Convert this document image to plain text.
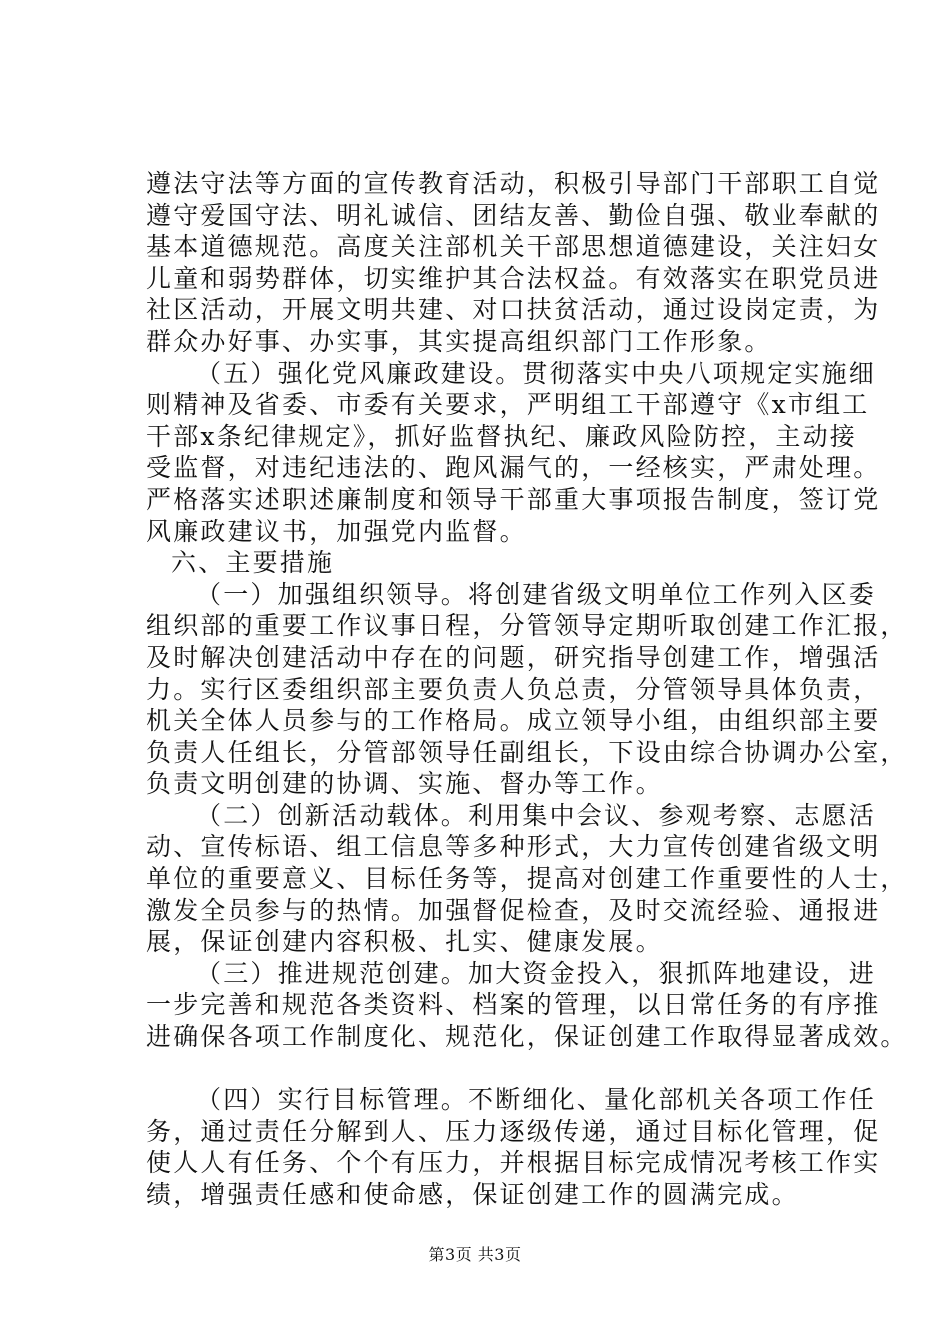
遵法守法等方面的宣传教育活动，积极引导部门干部职工自觉
遵守爱国守法、明礼诚信、团结友善、勤俭自强、敬业奉献的
基本道德规范。高度关注部机关干部思想道德建设，关注妇女
儿童和弱势群体，切实维护其合法权益。有效落实在职党员进
社区活动，开展文明共建、对口扶贫活动，通过设岗定责，为
群众办好事、办实事，其实提高组织部门工作形象。
（五）强化党风廉政建设。贯彻落实中央八项规定实施细
则精神及省委、市委有关要求，严明组工干部遵守《x市组工
干部x条纪律规定》，抓好监督执纪、廉政风险防控，主动接
受监督，对违纪违法的、跑风漏气的，一经核实，严肃处理。
严格落实述职述廉制度和领导干部重大事项报告制度，签订党
风廉政建议书，加强党内监督。
六、主要措施
（一）加强组织领导。将创建省级文明单位工作列入区委
组织部的重要工作议事日程，分管领导定期听取创建工作汇报，
及时解决创建活动中存在的问题，研究指导创建工作，增强活
力。实行区委组织部主要负责人负总责，分管领导具体负责，
机关全体人员参与的工作格局。成立领导小组，由组织部主要
负责人任组长，分管部领导任副组长，下设由综合协调办公室，
负责文明创建的协调、实施、督办等工作。
（二）创新活动载体。利用集中会议、参观考察、志愿活
动、宣传标语、组工信息等多种形式，大力宣传创建省级文明
单位的重要意义、目标任务等，提高对创建工作重要性的人士，
激发全员参与的热情。加强督促检查，及时交流经验、通报进
展，保证创建内容积极、扎实、健康发展。
（三）推进规范创建。加大资金投入，狠抓阵地建设，进
一步完善和规范各类资料、档案的管理，以日常任务的有序推
进确保各项工作制度化、规范化，保证创建工作取得显著成效。
（四）实行目标管理。不断细化、量化部机关各项工作任
务，通过责任分解到人、压力逐级传递，通过目标化管理，促
使人人有任务、个个有压力，并根据目标完成情况考核工作实
绩，增强责任感和使命感，保证创建工作的圆满完成。
第3页 共3页
